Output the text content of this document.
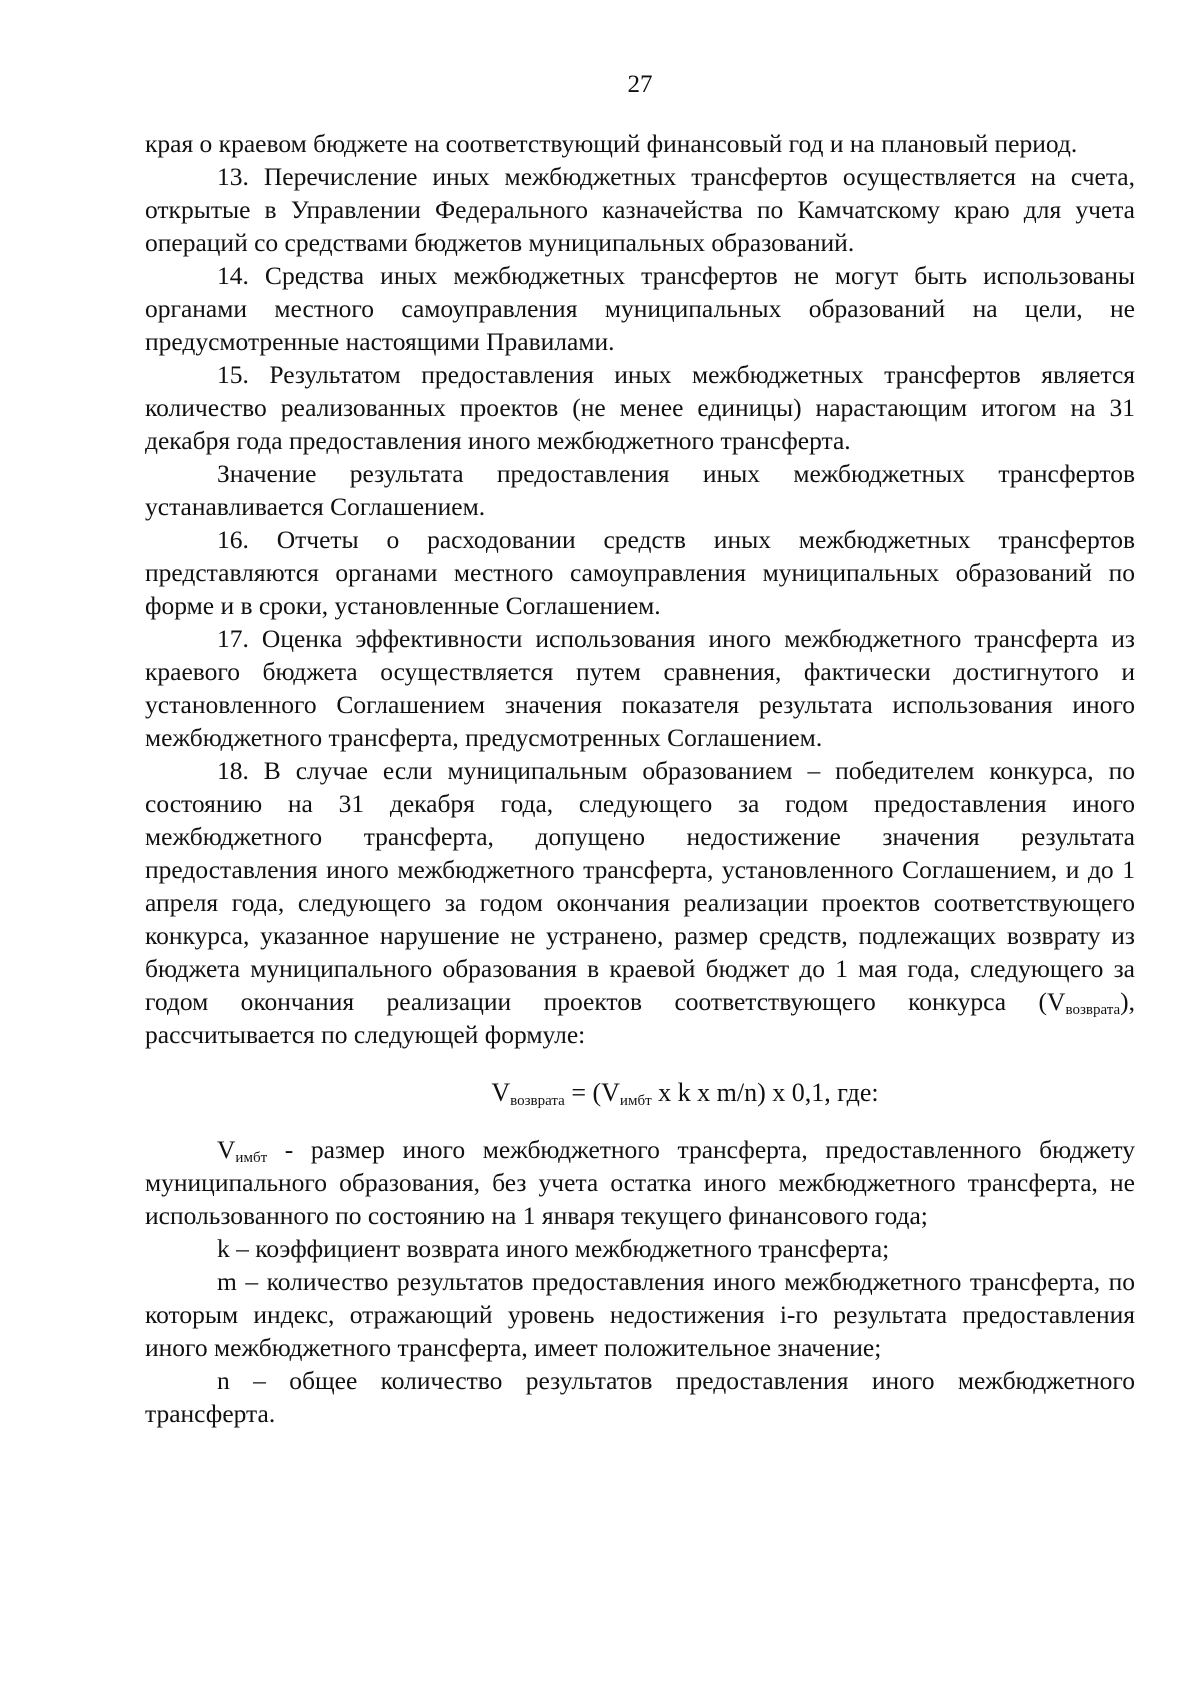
27

края о краевом бюджете на соответствующий финансовый год и на плановый период.

13. Перечисление иных межбюджетных трансфертов осуществляется на счета, открытые в Управлении Федерального казначейства по Камчатскому краю для учета операций со средствами бюджетов муниципальных образований.

14. Средства иных межбюджетных трансфертов не могут быть использованы органами местного самоуправления муниципальных образований на цели, не предусмотренные настоящими Правилами.

15. Результатом предоставления иных межбюджетных трансфертов является количество реализованных проектов (не менее единицы) нарастающим итогом на 31 декабря года предоставления иного межбюджетного трансферта.

Значение результата предоставления иных межбюджетных трансфертов устанавливается Соглашением.

16. Отчеты о расходовании средств иных межбюджетных трансфертов представляются органами местного самоуправления муниципальных образований по форме и в сроки, установленные Соглашением.

17. Оценка эффективности использования иного межбюджетного трансферта из краевого бюджета осуществляется путем сравнения, фактически достигнутого и установленного Соглашением значения показателя результата использования иного межбюджетного трансферта, предусмотренных Соглашением.

18. В случае если муниципальным образованием – победителем конкурса, по состоянию на 31 декабря года, следующего за годом предоставления иного межбюджетного трансферта, допущено недостижение значения результата предоставления иного межбюджетного трансферта, установленного Соглашением, и до 1 апреля года, следующего за годом окончания реализации проектов соответствующего конкурса, указанное нарушение не устранено, размер средств, подлежащих возврату из бюджета муниципального образования в краевой бюджет до 1 мая года, следующего за годом окончания реализации проектов соответствующего конкурса $(V_{возврата})$, рассчитывается по следующей формуле:

$V_{возврата} = (V_{имбт}$ x k x m/n) x 0,1, где:

$V_{имбт}$ ‑ размер иного межбюджетного трансферта, предоставленного бюджету муниципального образования, без учета остатка иного межбюджетного трансферта, не использованного по состоянию на 1 января текущего финансового года;

k – коэффициент возврата иного межбюджетного трансферта;

m – количество результатов предоставления иного межбюджетного трансферта, по которым индекс, отражающий уровень недостижения i-го результата предоставления иного межбюджетного трансферта, имеет положительное значение;

n – общее количество результатов предоставления иного межбюджетного трансферта.
